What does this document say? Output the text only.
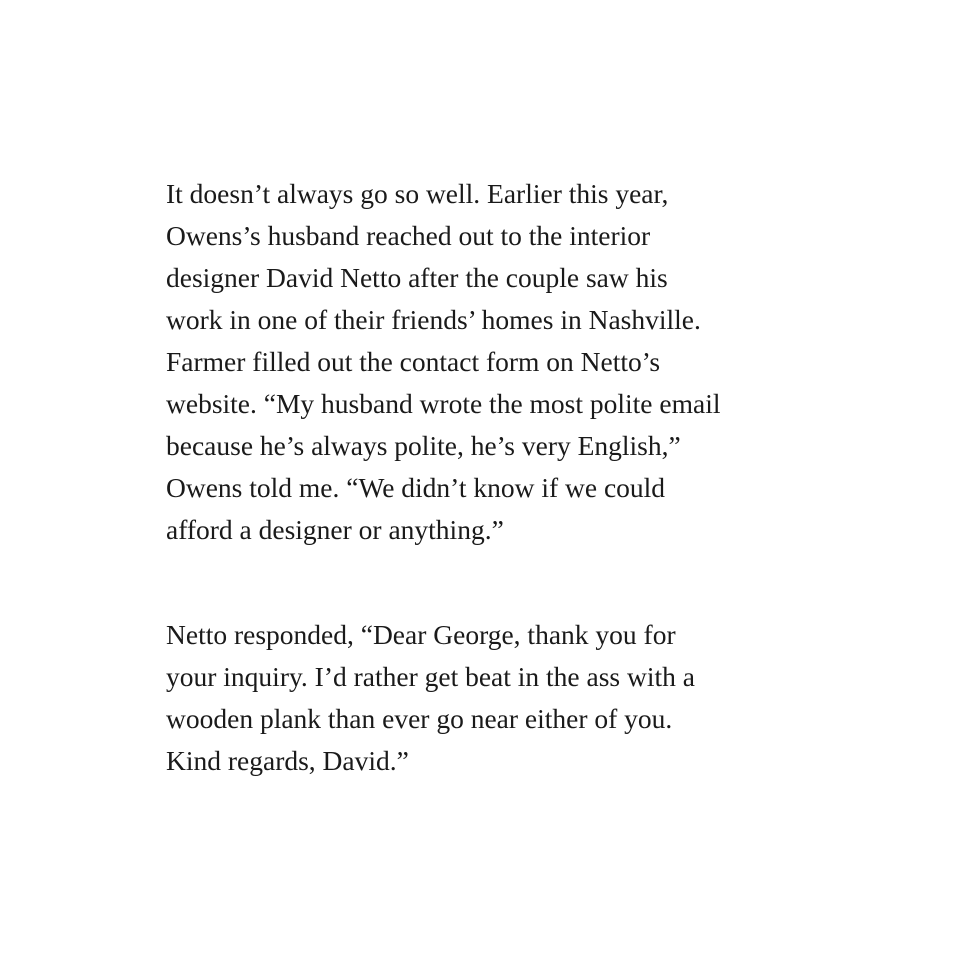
It doesn’t always go so well. Earlier this year,
Owens’s husband reached out to the interior
designer David Netto after the couple saw his
work in one of their friends’ homes in Nashville.
Farmer filled out the contact form on Netto’s
website. “My husband wrote the most polite email
because he’s always polite, he’s very English,”
Owens told me. “We didn’t know if we could
afford a designer or anything.”

Netto responded, “Dear George, thank you for
your inquiry. I’d rather get beat in the ass with a
wooden plank than ever go near either of you.
Kind regards, David.”
